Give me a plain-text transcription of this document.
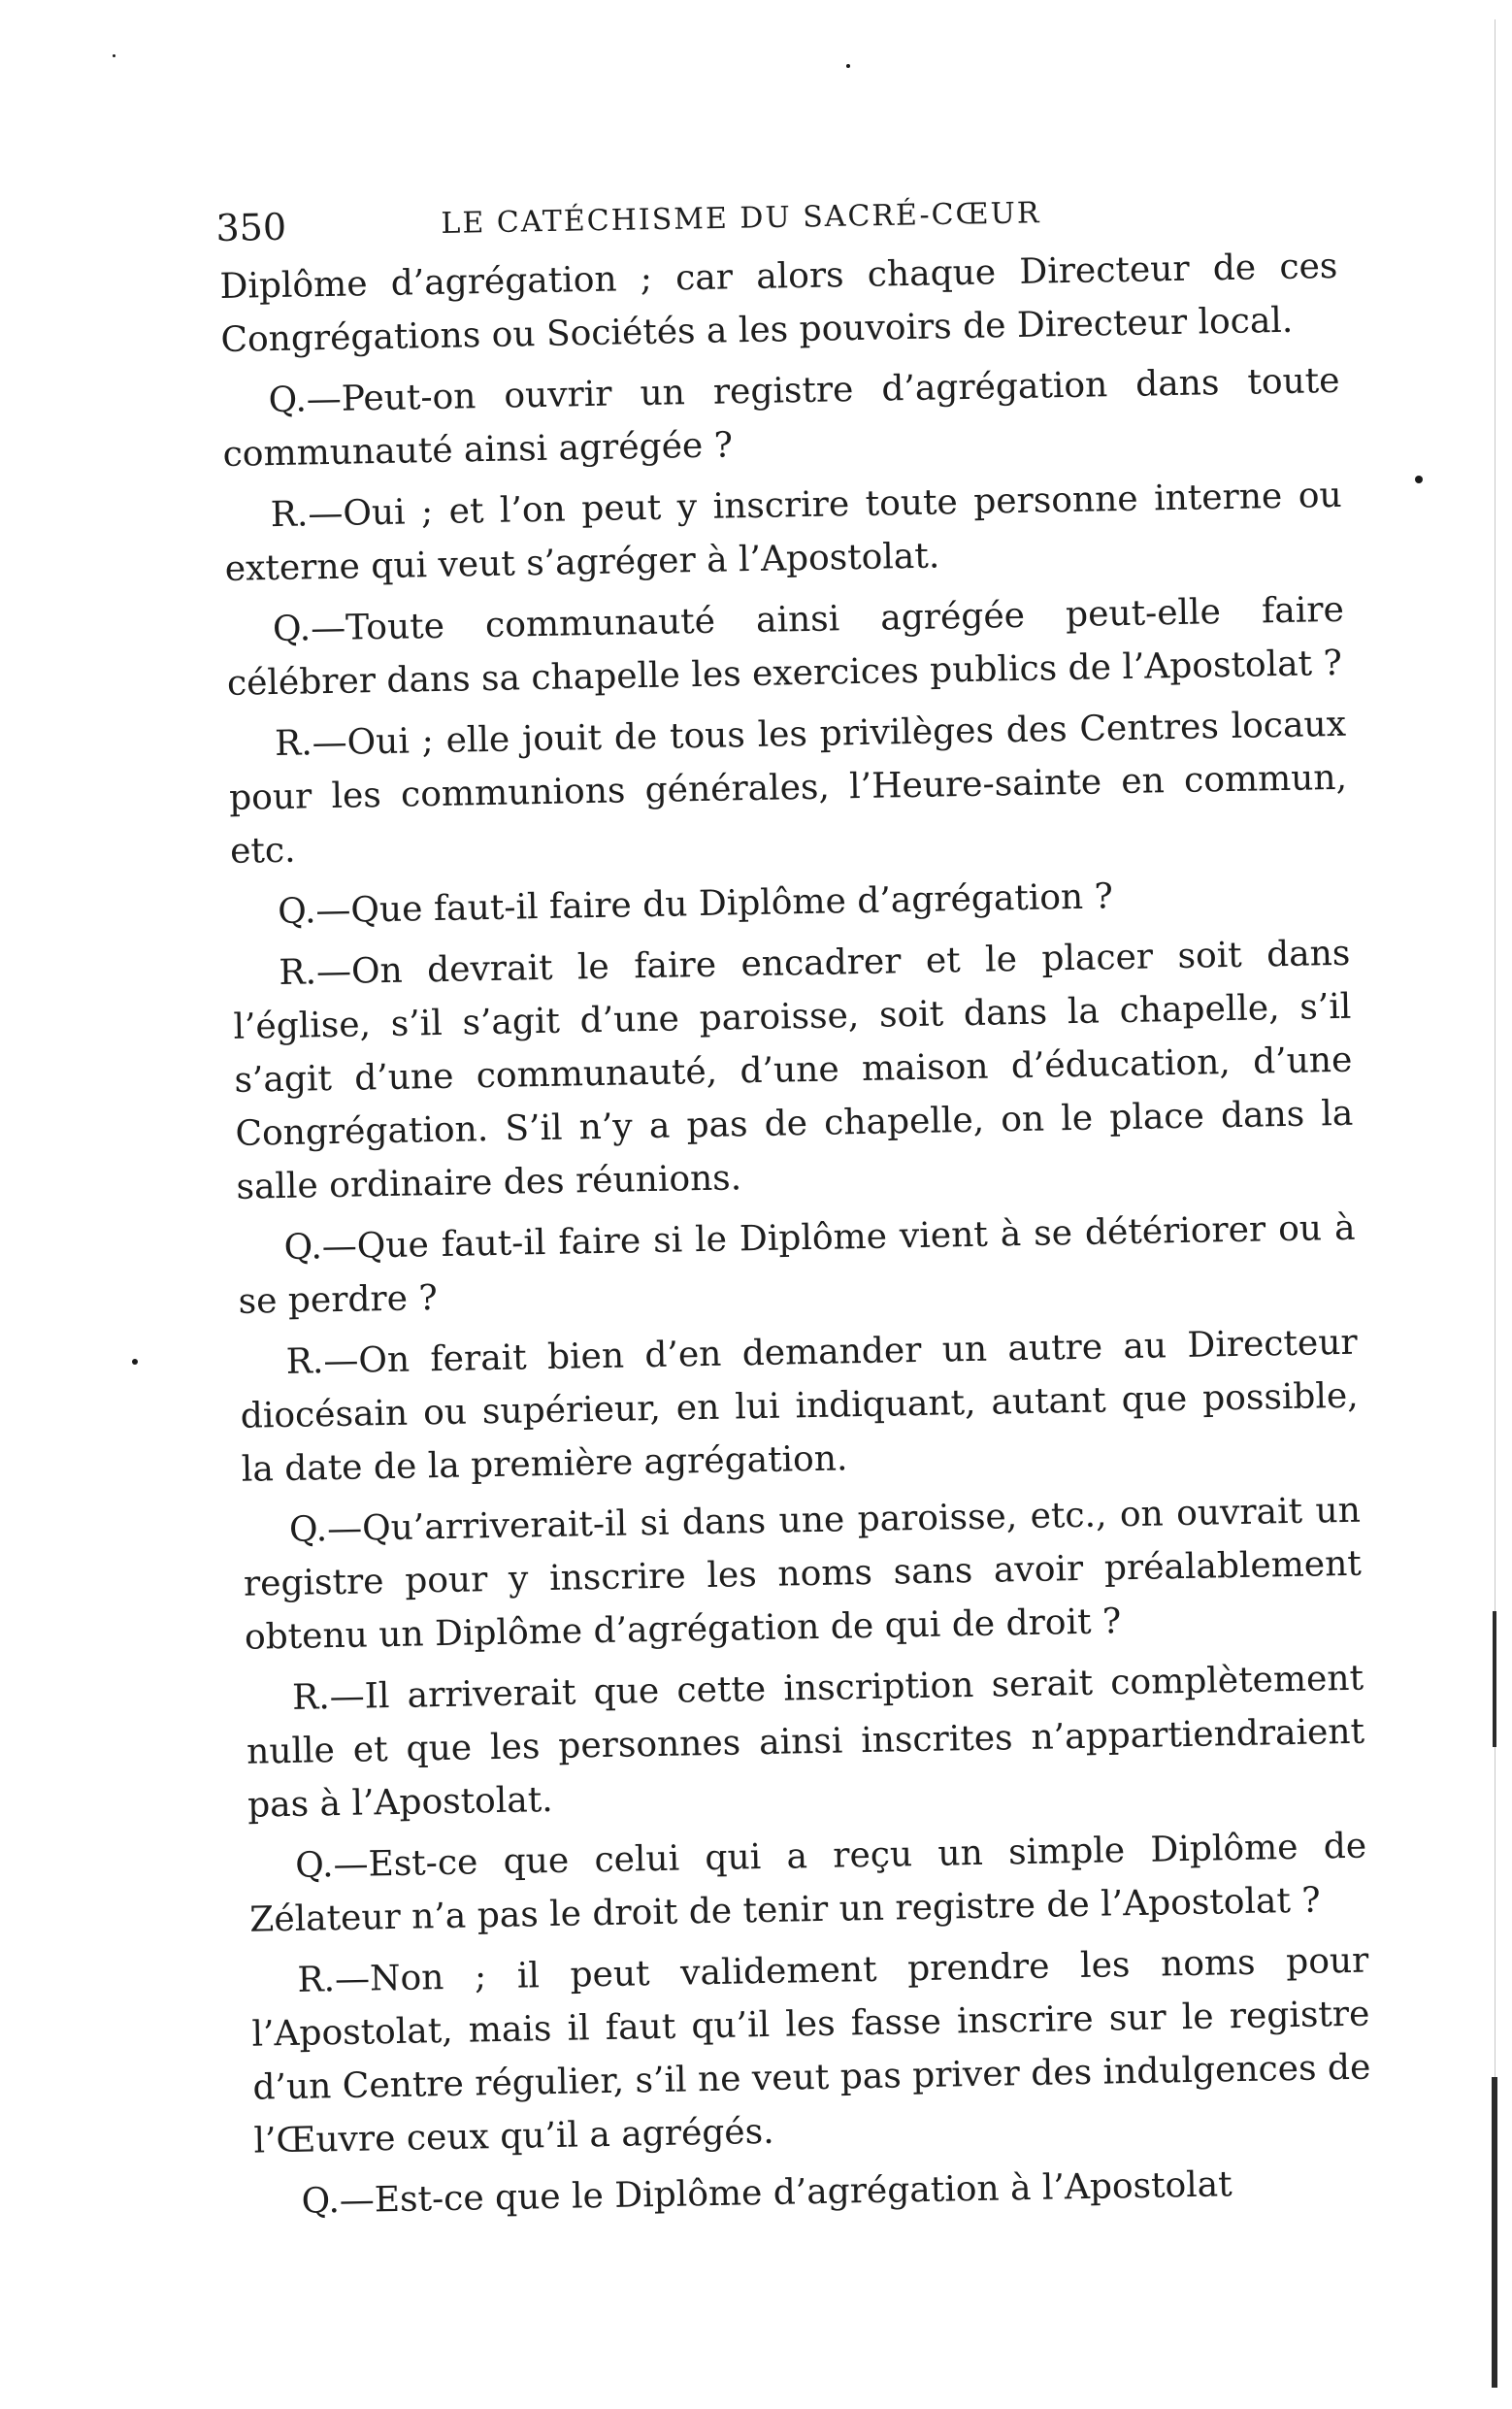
350	LE CATÉCHISME DU SACRÉ-CŒUR

Diplôme d’agrégation ; car alors chaque Directeur de ces Congrégations ou Sociétés a les pouvoirs de Directeur local.

Q.—Peut-on ouvrir un registre d’agrégation dans toute communauté ainsi agrégée ?

R.—Oui ; et l’on peut y inscrire toute personne interne ou externe qui veut s’agréger à l’Apostolat.

Q.—Toute communauté ainsi agrégée peut-elle faire célébrer dans sa chapelle les exercices publics de l’Apostolat ?

R.—Oui ; elle jouit de tous les privilèges des Centres locaux pour les communions générales, l’Heure-sainte en commun, etc.

Q.—Que faut-il faire du Diplôme d’agrégation ?

R.—On devrait le faire encadrer et le placer soit dans l’église, s’il s’agit d’une paroisse, soit dans la chapelle, s’il s’agit d’une communauté, d’une maison d’éducation, d’une Congrégation. S’il n’y a pas de chapelle, on le place dans la salle ordinaire des réunions.

Q.—Que faut-il faire si le Diplôme vient à se détériorer ou à se perdre ?

R.—On ferait bien d’en demander un autre au Directeur diocésain ou supérieur, en lui indiquant, autant que possible, la date de la première agrégation.

Q.—Qu’arriverait-il si dans une paroisse, etc., on ouvrait un registre pour y inscrire les noms sans avoir préalablement obtenu un Diplôme d’agrégation de qui de droit ?

R.—Il arriverait que cette inscription serait complètement nulle et que les personnes ainsi inscrites n’appartiendraient pas à l’Apostolat.

Q.—Est-ce que celui qui a reçu un simple Diplôme de Zélateur n’a pas le droit de tenir un registre de l’Apostolat ?

R.—Non ; il peut validement prendre les noms pour l’Apostolat, mais il faut qu’il les fasse inscrire sur le registre d’un Centre régulier, s’il ne veut pas priver des indulgences de l’Œuvre ceux qu’il a agrégés.

Q.—Est-ce que le Diplôme d’agrégation à l’Apostolat
